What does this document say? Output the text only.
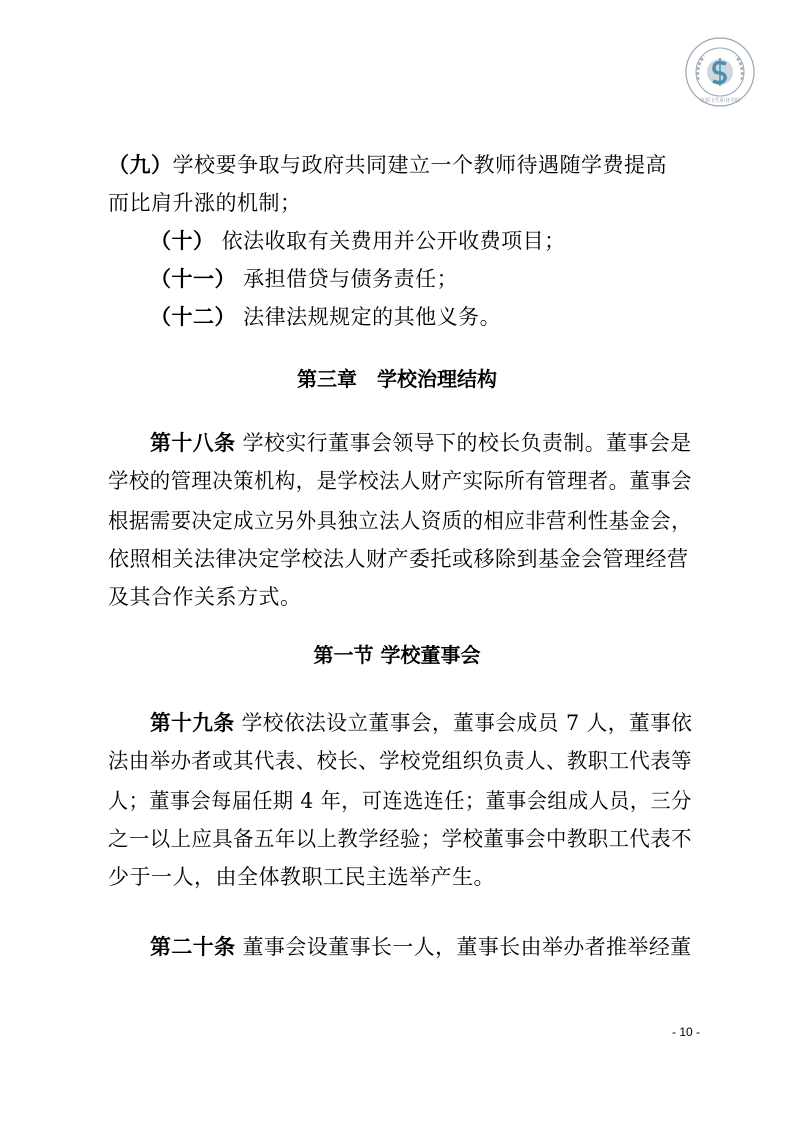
贲源卫生职业学院
（九）学校要争取与政府共同建立一个教师待遇随学费提高
而比肩升涨的机制；
（十） 依法收取有关费用并公开收费项目；
（十一） 承担借贷与债务责任；
（十二） 法律法规规定的其他义务。
第三章　学校治理结构
第十八条 学校实行董事会领导下的校长负责制。董事会是
学校的管理决策机构，是学校法人财产实际所有管理者。董事会
根据需要决定成立另外具独立法人资质的相应非营利性基金会，
依照相关法律决定学校法人财产委托或移除到基金会管理经营
及其合作关系方式。
第一节 学校董事会
第十九条 学校依法设立董事会，董事会成员 7 人，董事依
法由举办者或其代表、校长、学校党组织负责人、教职工代表等
人；董事会每届任期 4 年，可连选连任；董事会组成人员，三分
之一以上应具备五年以上教学经验；学校董事会中教职工代表不
少于一人，由全体教职工民主选举产生。
第二十条 董事会设董事长一人，董事长由举办者推举经董
- 10 -
